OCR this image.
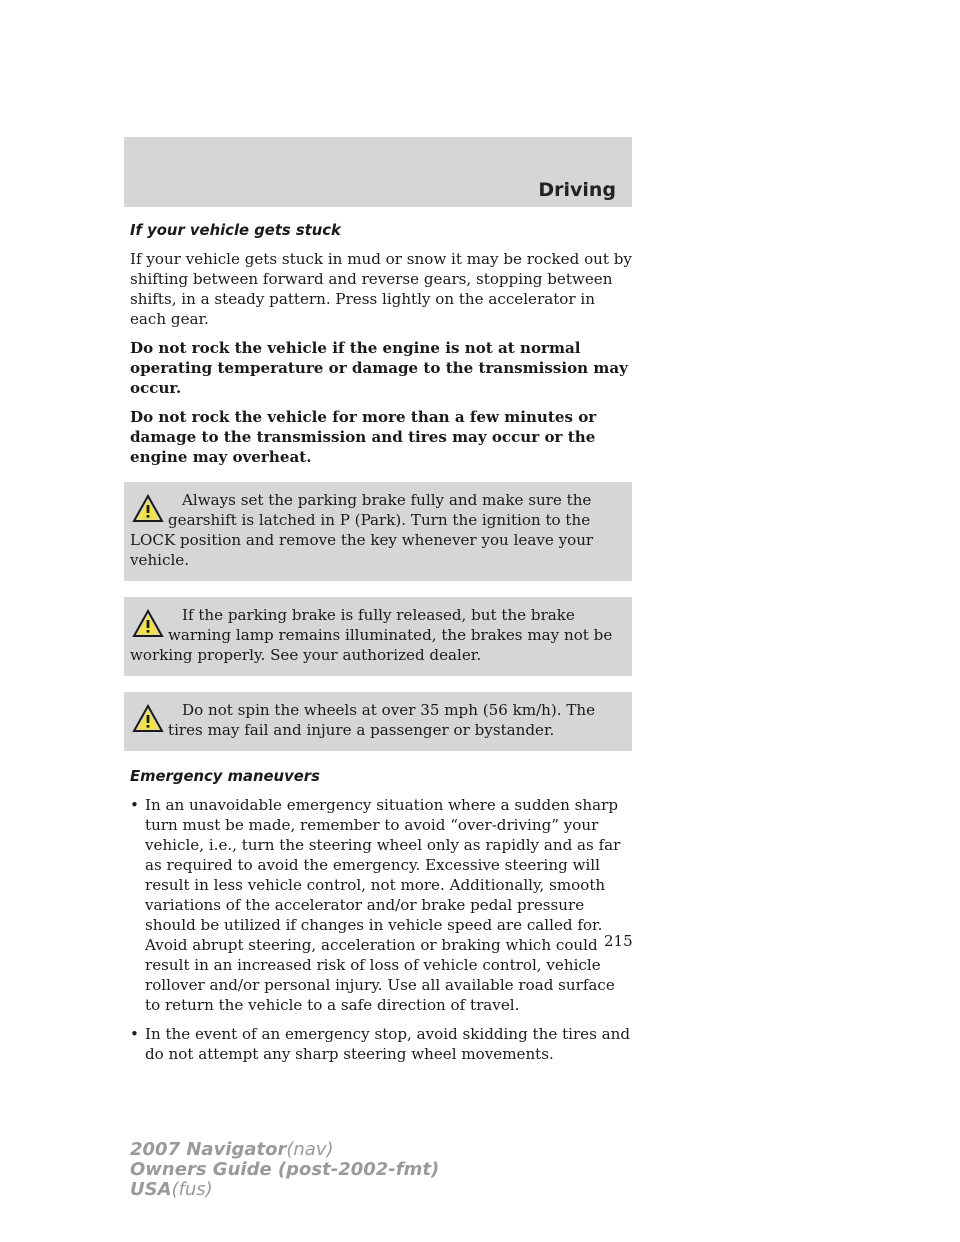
Driving
If your vehicle gets stuck

If your vehicle gets stuck in mud or snow it may be rocked out by shifting between forward and reverse gears, stopping between shifts, in a steady pattern. Press lightly on the accelerator in each gear.

Do not rock the vehicle if the engine is not at normal operating temperature or damage to the transmission may occur.

Do not rock the vehicle for more than a few minutes or damage to the transmission and tires may occur or the engine may overheat.

Always set the parking brake fully and make sure the gearshift is latched in P (Park). Turn the ignition to the LOCK position and remove the key whenever you leave your vehicle.

If the parking brake is fully released, but the brake warning lamp remains illuminated, the brakes may not be working properly. See your authorized dealer.

Do not spin the wheels at over 35 mph (56 km/h). The tires may fail and injure a passenger or bystander.

Emergency maneuvers
• In an unavoidable emergency situation where a sudden sharp turn must be made, remember to avoid “over-driving” your vehicle, i.e., turn the steering wheel only as rapidly and as far as required to avoid the emergency. Excessive steering will result in less vehicle control, not more. Additionally, smooth variations of the accelerator and/or brake pedal pressure should be utilized if changes in vehicle speed are called for. Avoid abrupt steering, acceleration or braking which could result in an increased risk of loss of vehicle control, vehicle rollover and/or personal injury. Use all available road surface to return the vehicle to a safe direction of travel.
• In the event of an emergency stop, avoid skidding the tires and do not attempt any sharp steering wheel movements.
215
2007 Navigator(nav)
Owners Guide (post-2002-fmt)
USA(fus)
